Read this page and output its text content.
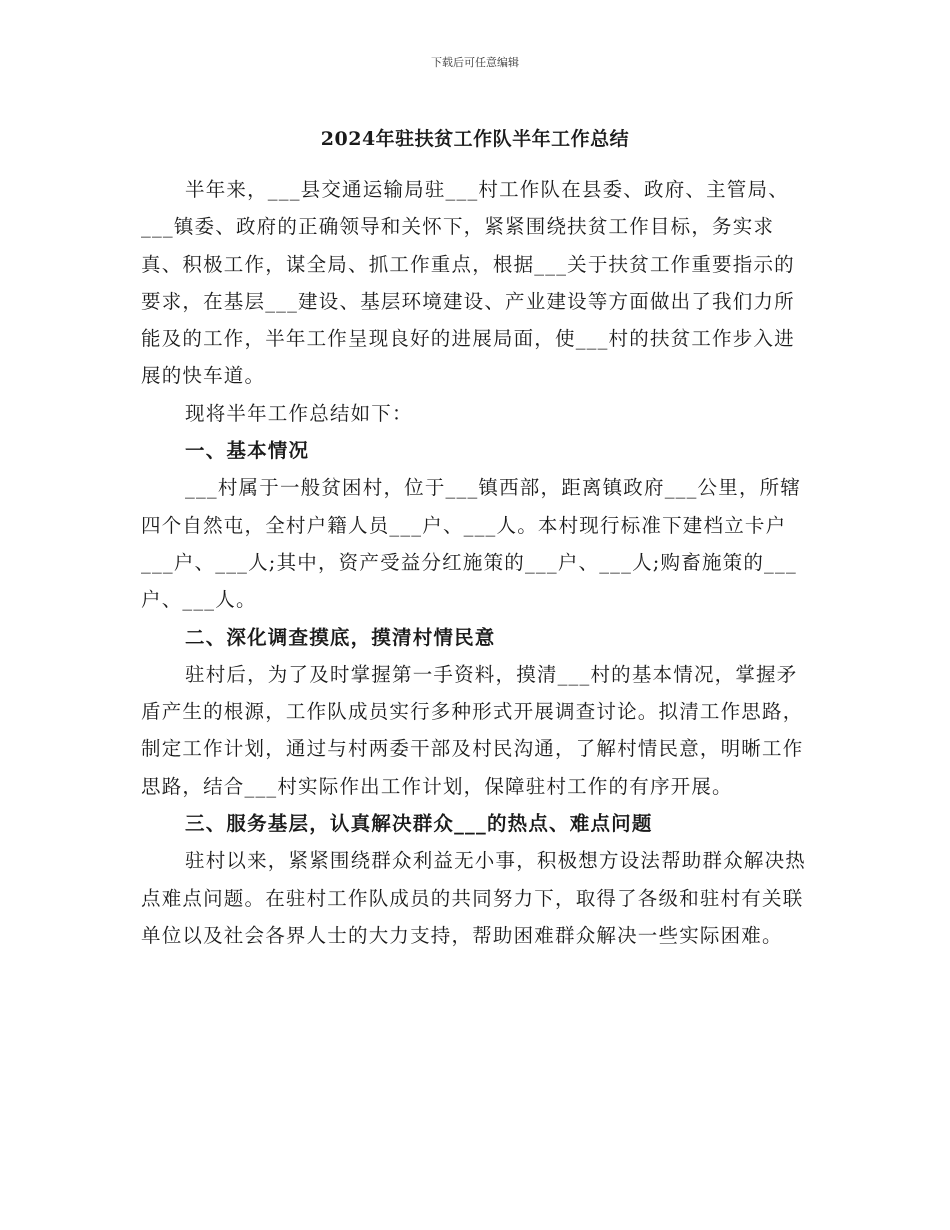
下载后可任意编辑
2024年驻扶贫工作队半年工作总结

半年来，___县交通运输局驻___村工作队在县委、政府、主管局、___镇委、政府的正确领导和关怀下，紧紧围绕扶贫工作目标，务实求真、积极工作，谋全局、抓工作重点，根据___关于扶贫工作重要指示的要求，在基层___建设、基层环境建设、产业建设等方面做出了我们力所能及的工作，半年工作呈现良好的进展局面，使___村的扶贫工作步入进展的快车道。

现将半年工作总结如下：

一、基本情况

___村属于一般贫困村，位于___镇西部，距离镇政府___公里，所辖四个自然屯，全村户籍人员___户、___人。本村现行标准下建档立卡户___户、___人;其中，资产受益分红施策的___户、___人;购畜施策的___户、___人。

二、深化调查摸底，摸清村情民意

驻村后，为了及时掌握第一手资料，摸清___村的基本情况，掌握矛盾产生的根源，工作队成员实行多种形式开展调查讨论。拟清工作思路，制定工作计划，通过与村两委干部及村民沟通，了解村情民意，明晰工作思路，结合___村实际作出工作计划，保障驻村工作的有序开展。

三、服务基层，认真解决群众___的热点、难点问题

驻村以来，紧紧围绕群众利益无小事，积极想方设法帮助群众解决热点难点问题。在驻村工作队成员的共同努力下，取得了各级和驻村有关联单位以及社会各界人士的大力支持，帮助困难群众解决一些实际困难。
